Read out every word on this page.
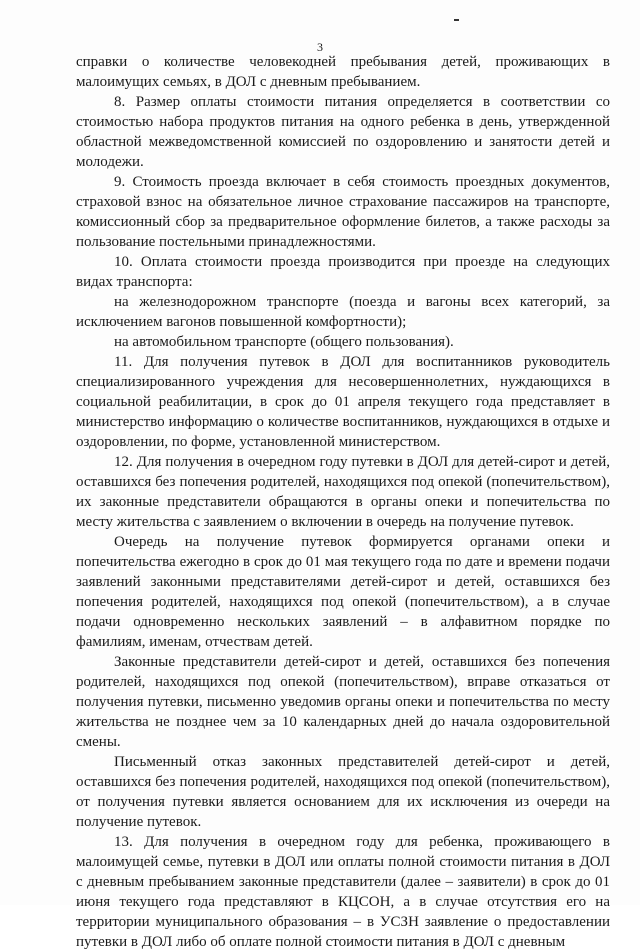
3

справки о количестве человекодней пребывания детей, проживающих в малоимущих семьях, в ДОЛ с дневным пребыванием.

8. Размер оплаты стоимости питания определяется в соответствии со стоимостью набора продуктов питания на одного ребенка в день, утвержденной областной межведомственной комиссией по оздоровлению и занятости детей и молодежи.

9. Стоимость проезда включает в себя стоимость проездных документов, страховой взнос на обязательное личное страхование пассажиров на транспорте, комиссионный сбор за предварительное оформление билетов, а также расходы за пользование постельными принадлежностями.

10. Оплата стоимости проезда производится при проезде на следующих видах транспорта:

на железнодорожном транспорте (поезда и вагоны всех категорий, за исключением вагонов повышенной комфортности);

на автомобильном транспорте (общего пользования).

11. Для получения путевок в ДОЛ для воспитанников руководитель специализированного учреждения для несовершеннолетних, нуждающихся в социальной реабилитации, в срок до 01 апреля текущего года представляет в министерство информацию о количестве воспитанников, нуждающихся в отдыхе и оздоровлении, по форме, установленной министерством.

12. Для получения в очередном году путевки в ДОЛ для детей-сирот и детей, оставшихся без попечения родителей, находящихся под опекой (попечительством), их законные представители обращаются в органы опеки и попечительства по месту жительства с заявлением о включении в очередь на получение путевок.

Очередь на получение путевок формируется органами опеки и попечительства ежегодно в срок до 01 мая текущего года по дате и времени подачи заявлений законными представителями детей-сирот и детей, оставшихся без попечения родителей, находящихся под опекой (попечительством), а в случае подачи одновременно нескольких заявлений – в алфавитном порядке по фамилиям, именам, отчествам детей.

Законные представители детей-сирот и детей, оставшихся без попечения родителей, находящихся под опекой (попечительством), вправе отказаться от получения путевки, письменно уведомив органы опеки и попечительства по месту жительства не позднее чем за 10 календарных дней до начала оздоровительной смены.

Письменный отказ законных представителей детей-сирот и детей, оставшихся без попечения родителей, находящихся под опекой (попечительством), от получения путевки является основанием для их исключения из очереди на получение путевок.

13. Для получения в очередном году для ребенка, проживающего в малоимущей семье, путевки в ДОЛ или оплаты полной стоимости питания в ДОЛ с дневным пребыванием законные представители (далее – заявители) в срок до 01 июня текущего года представляют в КЦСОН, а в случае отсутствия его на территории муниципального образования – в УСЗН заявление о предоставлении путевки в ДОЛ либо об оплате полной стоимости питания в ДОЛ с дневным
